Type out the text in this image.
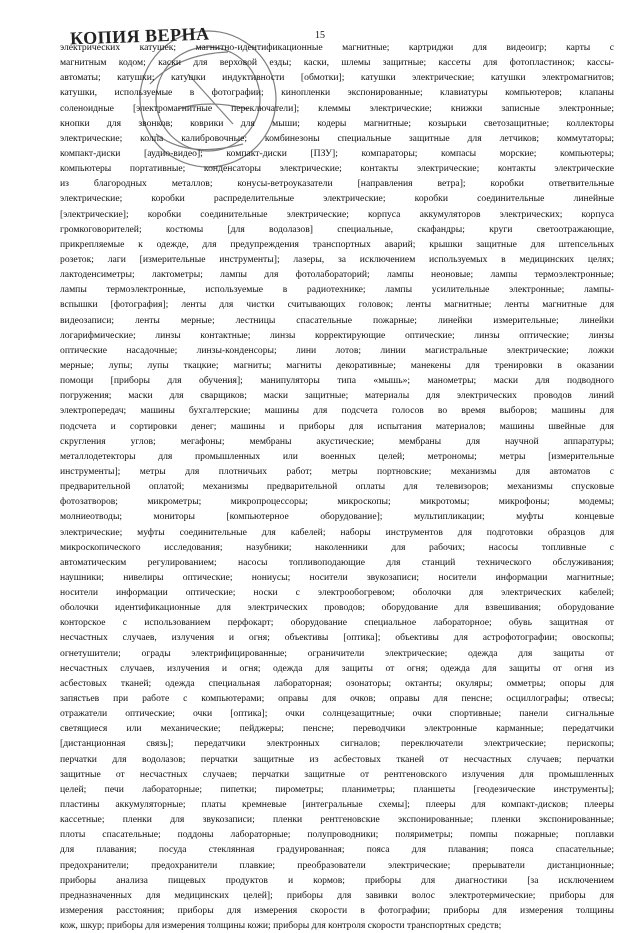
КОПИЯ ВЕРНА	15
электрических катушек; магнитно-идентификационные магнитные; картриджи для видеоигр; карты с
магнитным кодом; каски для верховой езды; каски, шлемы защитные; кассеты для фотопластинок; кассы-
автоматы; катушки; катушки индуктивности [обмотки]; катушки электрические; катушки электромагнитов;
катушки, используемые в фотографии; кинопленки экспонированные; клавиатуры компьютеров; клапаны
соленоидные [электромагнитные переключатели]; клеммы электрические; книжки записные электронные;
кнопки для звонков; коврики для мыши; кодеры магнитные; козырьки светозащитные; коллекторы
электрические; колпа калибровочные; комбинезоны специальные защитные для летчиков; коммутаторы;
компакт-диски [аудио-видео]; компакт-диски [ПЗУ]; компараторы; компасы морские; компьютеры;
компьютеры портативные; конденсаторы электрические; контакты электрические; контакты электрические
из благородных металлов; конусы-ветроуказатели [направления ветра]; коробки ответвительные
электрические; коробки распределительные электрические; коробки соединительные линейные
[электрические]; коробки соединительные электрические; корпуса аккумуляторов электрических; корпуса
громкоговорителей; костюмы [для водолазов] специальные, скафандры; круги светоотражающие,
прикрепляемые к одежде, для предупреждения транспортных аварий; крышки защитные для штепсельных
розеток; лаги [измерительные инструменты]; лазеры, за исключением используемых в медицинских целях;
лактоденсиметры; лактометры; лампы для фотолабораторий; лампы неоновые; лампы термоэлектронные;
лампы термоэлектронные, используемые в радиотехнике; лампы усилительные электронные; лампы-
вспышки [фотография]; ленты для чистки считывающих головок; ленты магнитные; ленты магнитные для
видеозаписи; ленты мерные; лестницы спасательные пожарные; линейки измерительные; линейки
логарифмические; линзы контактные; линзы корректирующие оптические; линзы оптические; линзы
оптические насадочные; линзы-конденсоры; лини лотов; линии магистральные электрические; ложки
мерные; лупы; лупы ткацкие; магниты; магниты декоративные; манекены для тренировки в оказании
помощи [приборы для обучения]; манипуляторы типа «мышь»; манометры; маски для подводного
погружения; маски для сварщиков; маски защитные; материалы для электрических проводов линий
электропередач; машины бухгалтерские; машины для подсчета голосов во время выборов; машины для
подсчета и сортировки денег; машины и приборы для испытания материалов; машины швейные для
скругления углов; мегафоны; мембраны акустические; мембраны для научной аппаратуры;
металлодетекторы для промышленных или военных целей; метрономы; метры [измерительные
инструменты]; метры для плотничьих работ; метры портновские; механизмы для автоматов с
предварительной оплатой; механизмы предварительной оплаты для телевизоров; механизмы спусковые
фотозатворов; микрометры; микропроцессоры; микроскопы; микротомы; микрофоны; модемы;
молниеотводы; мониторы [компьютерное оборудование]; мультипликации; муфты концевые
электрические; муфты соединительные для кабелей; наборы инструментов для подготовки образцов для
микроскопического исследования; назубники; наколенники для рабочих; насосы топливные с
автоматическим регулированием; насосы топливоподающие для станций технического обслуживания;
наушники; нивелиры оптические; нониусы; носители звукозаписи; носители информации магнитные;
носители информации оптические; носки с электрообогревом; оболочки для электрических кабелей;
оболочки идентификационные для электрических проводов; оборудование для взвешивания; оборудование
конторское с использованием перфокарт; оборудование специальное лабораторное; обувь защитная от
несчастных случаев, излучения и огня; объективы [оптика]; объективы для астрофотографии; овоскопы;
огнетушители; ограды электрифицированные; ограничители электрические; одежда для защиты от
несчастных случаев, излучения и огня; одежда для защиты от огня; одежда для защиты от огня из
асбестовых тканей; одежда специальная лабораторная; озонаторы; октанты; окуляры; омметры; опоры для
запястьев при работе с компьютерами; оправы для очков; оправы для пенсне; осциллографы; отвесы;
отражатели оптические; очки [оптика]; очки солнцезащитные; очки спортивные; панели сигнальные
светящиеся или механические; пейджеры; пенсне; переводчики электронные карманные; передатчики
[дистанционная связь]; передатчики электронных сигналов; переключатели электрические; перископы;
перчатки для водолазов; перчатки защитные из асбестовых тканей от несчастных случаев; перчатки
защитные от несчастных случаев; перчатки защитные от рентгеновского излучения для промышленных
целей; печи лабораторные; пипетки; пирометры; планиметры; планшеты [геодезические инструменты];
пластины аккумуляторные; платы кремневые [интегральные схемы]; плееры для компакт-дисков; плееры
кассетные; пленки для звукозаписи; пленки рентгеновские экспонированные; пленки экспонированные;
плоты спасательные; поддоны лабораторные; полупроводники; поляриметры; помпы пожарные; поплавки
для плавания; посуда стеклянная градуированная; пояса для плавания; пояса спасательные;
предохранители; предохранители плавкие; преобразователи электрические; прерыватели дистанционные;
приборы анализа пищевых продуктов и кормов; приборы для диагностики [за исключением
предназначенных для медицинских целей]; приборы для завивки волос электротермические; приборы для
измерения расстояния; приборы для измерения скорости в фотографии; приборы для измерения толщины
кож, шкур; приборы для измерения толщины кожи; приборы для контроля скорости транспортных средств;
